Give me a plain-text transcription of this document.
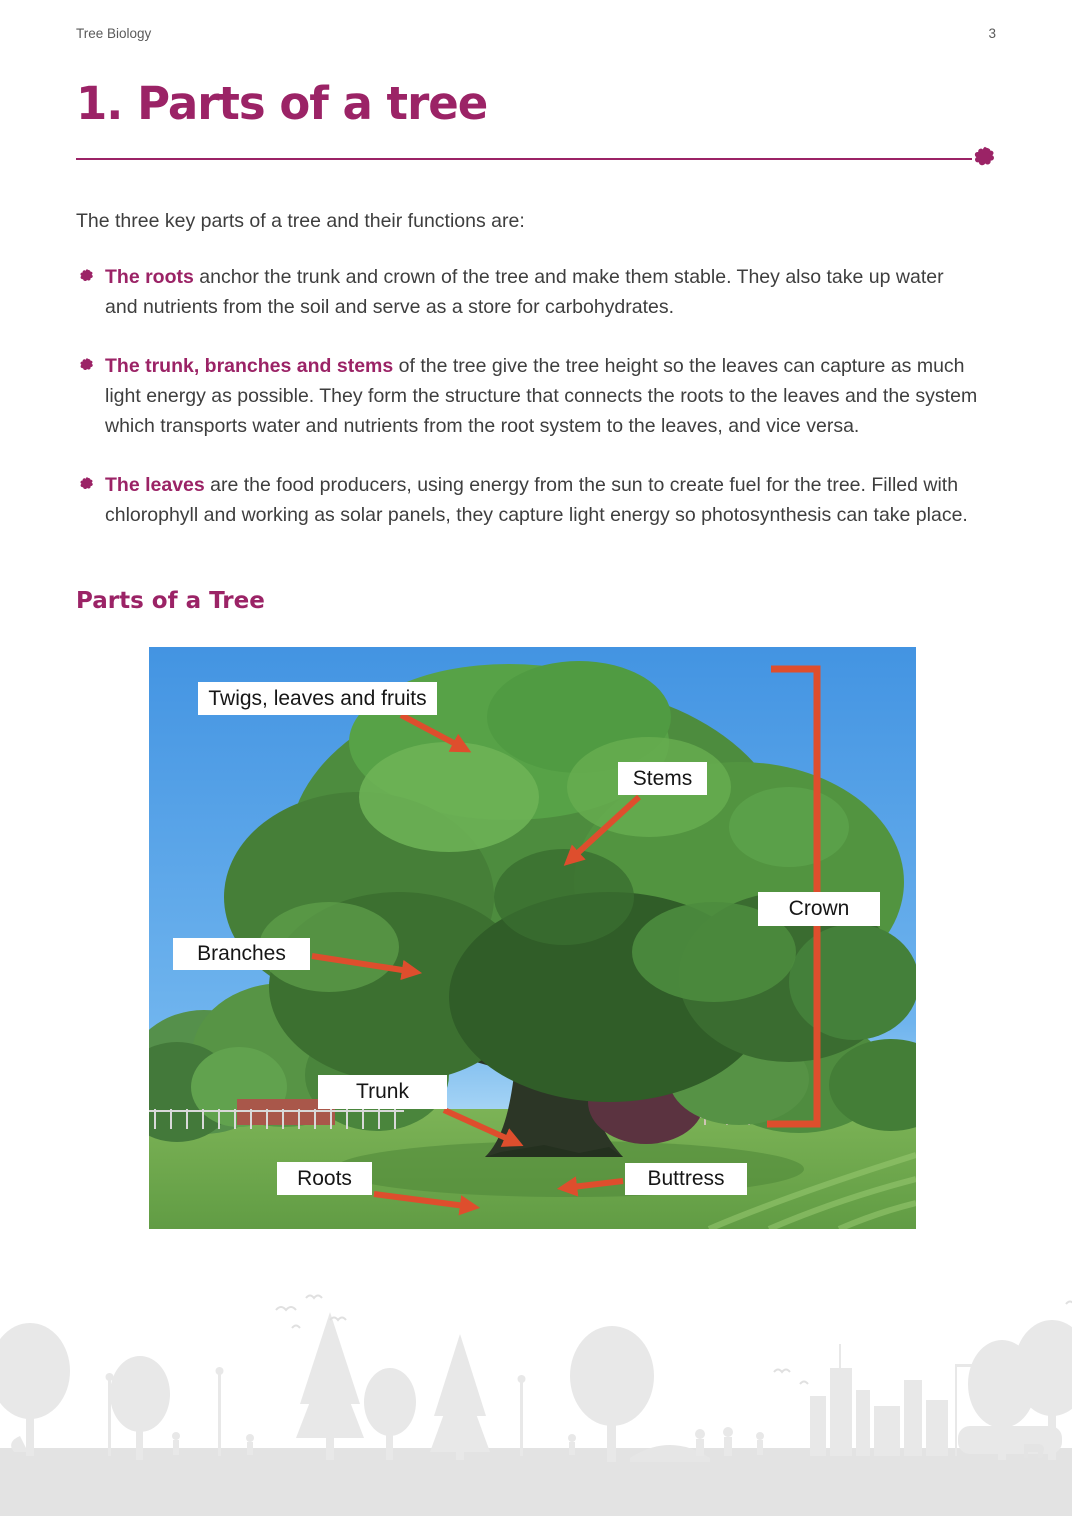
Tree Biology	3
1. Parts of a tree

The three key parts of a tree and their functions are:

The roots anchor the trunk and crown of the tree and make them stable. They also take up water and nutrients from the soil and serve as a store for carbohydrates.

The trunk, branches and stems of the tree give the tree height so the leaves can capture as much light energy as possible. They form the structure that connects the roots to the leaves and the system which transports water and nutrients from the root system to the leaves, and vice versa.

The leaves are the food producers, using energy from the sun to create fuel for the tree. Filled with chlorophyll and working as solar panels, they capture light energy so photosynthesis can take place.

Parts of a Tree
Twigs, leaves and fruits
Stems
Crown
Branches
Trunk
Roots	Buttress
